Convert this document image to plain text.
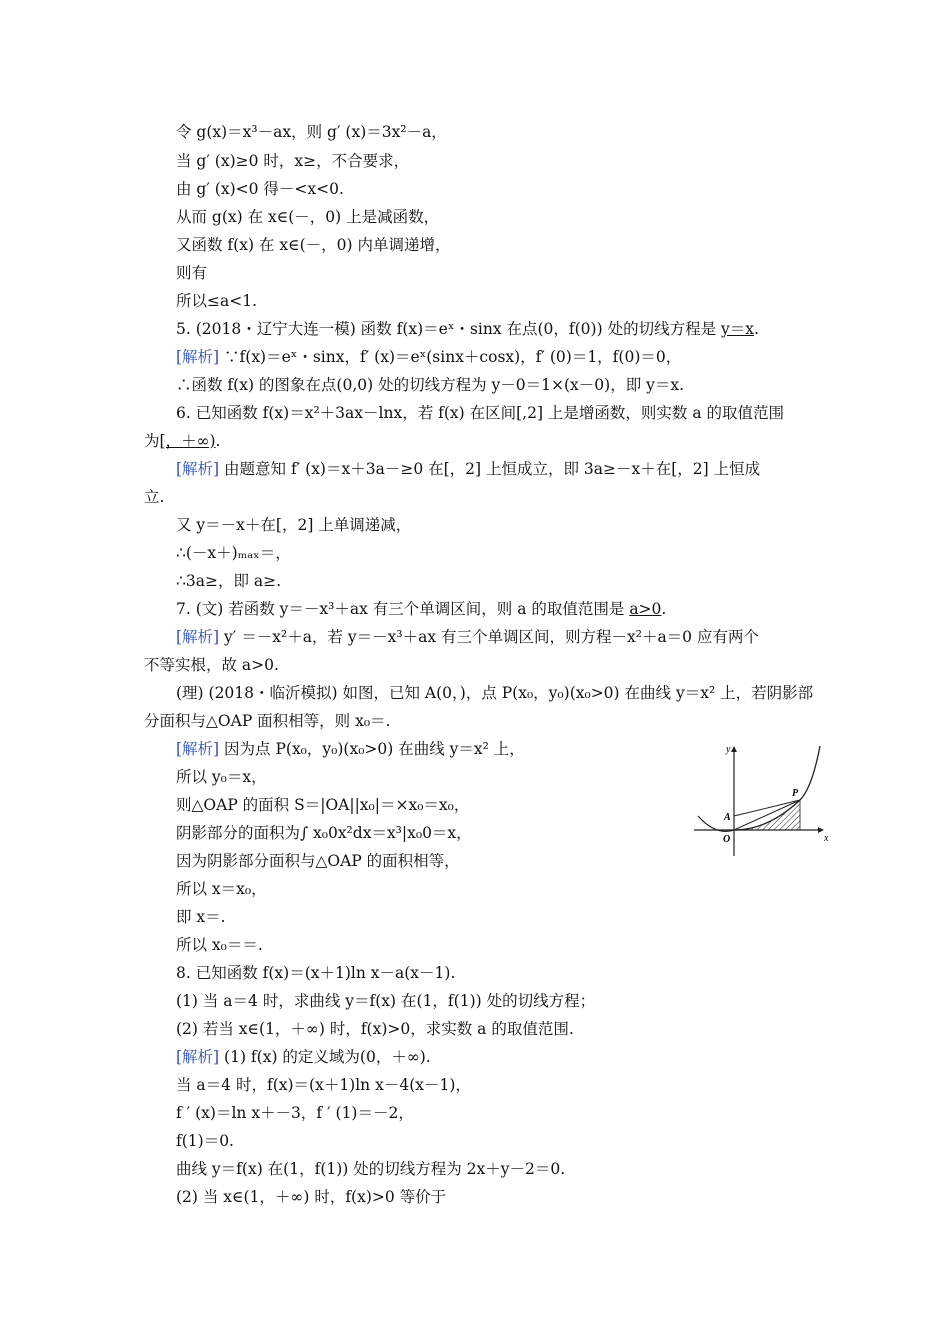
令 g(x)＝x³－ax，则 g′ (x)＝3x²－a，
当 g′ (x)≥0 时，x≥，不合要求，
由 g′ (x)<0 得－<x<0.
从而 g(x) 在 x∈(－，0) 上是减函数，
又函数 f(x) 在 x∈(－，0) 内单调递增，
则有
所以≤a<1.
5. (2018・辽宁大连一模) 函数 f(x)＝eˣ・sinx 在点(0，f(0)) 处的切线方程是 y＝x.
[解析] ∵f(x)＝eˣ・sinx，f′ (x)＝eˣ(sinx＋cosx)，f′ (0)＝1，f(0)＝0，
∴函数 f(x) 的图象在点(0,0) 处的切线方程为 y－0＝1×(x－0)，即 y＝x.
6. 已知函数 f(x)＝x²＋3ax－lnx，若 f(x) 在区间[,2] 上是增函数，则实数 a 的取值范围
为[，＋∞).
[解析] 由题意知 f′ (x)＝x＋3a－≥0 在[，2] 上恒成立，即 3a≥－x＋在[，2] 上恒成
立.
又 y＝－x＋在[，2] 上单调递减，
∴(－x＋)ₘₐₓ＝，
∴3a≥，即 a≥.
7. (文) 若函数 y＝－x³＋ax 有三个单调区间，则 a 的取值范围是 a>0.
[解析] y′ ＝－x²＋a，若 y＝－x³＋ax 有三个单调区间，则方程－x²＋a＝0 应有两个
不等实根，故 a>0.
(理) (2018・临沂模拟) 如图，已知 A(0，)，点 P(x₀，y₀)(x₀>0) 在曲线 y＝x² 上，若阴影部
分面积与△OAP 面积相等，则 x₀＝.
[解析] 因为点 P(x₀，y₀)(x₀>0) 在曲线 y＝x² 上，
所以 y₀＝x，
则△OAP 的面积 S＝|OA||x₀|＝×x₀＝x₀，
阴影部分的面积为∫ x₀0x²dx＝x³|x₀0＝x，
因为阴影部分面积与△OAP 的面积相等，
所以 x＝x₀，
即 x＝.
所以 x₀＝＝.
8. 已知函数 f(x)＝(x＋1)ln x－a(x－1).
(1) 当 a＝4 时，求曲线 y＝f(x) 在(1，f(1)) 处的切线方程；
(2) 若当 x∈(1，＋∞) 时，f(x)>0，求实数 a 的取值范围.
[解析] (1) f(x) 的定义域为(0，＋∞).
当 a＝4 时，f(x)＝(x＋1)ln x－4(x－1)，
f ′ (x)＝ln x＋－3，f ′ (1)＝－2，
f(1)＝0.
曲线 y＝f(x) 在(1，f(1)) 处的切线方程为 2x＋y－2＝0.
(2) 当 x∈(1，＋∞) 时，f(x)>0 等价于
y
x
O
A
P
